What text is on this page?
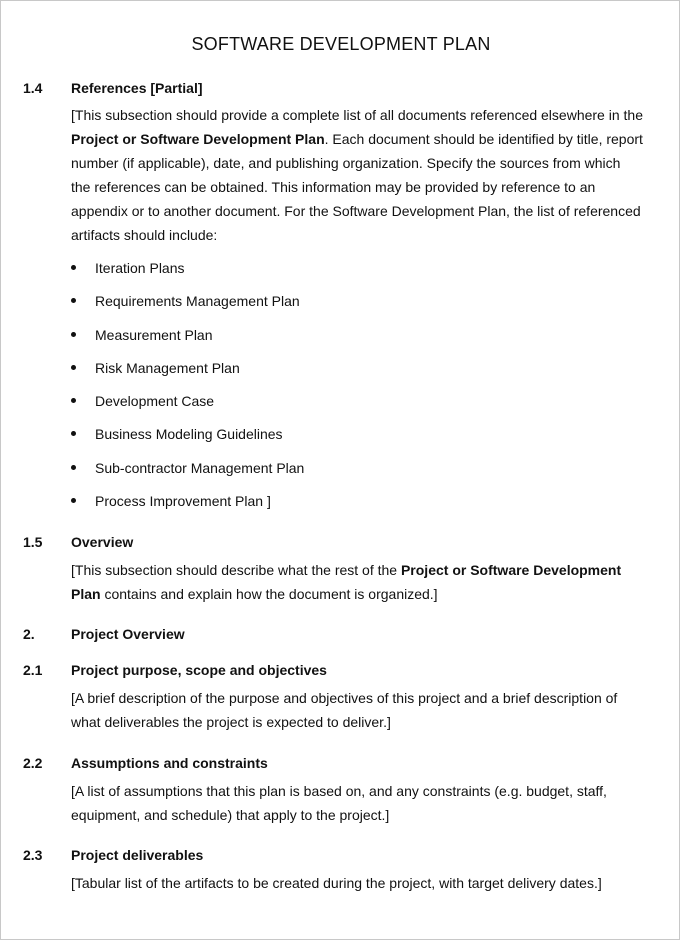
SOFTWARE DEVELOPMENT PLAN
1.4	References [Partial]
[This subsection should provide a complete list of all documents referenced elsewhere in the
Project or Software Development Plan. Each document should be identified by title, report
number (if applicable), date, and publishing organization. Specify the sources from which
the references can be obtained. This information may be provided by reference to an
appendix or to another document. For the Software Development Plan, the list of referenced
artifacts should include:
Iteration Plans
Requirements Management Plan
Measurement Plan
Risk Management Plan
Development Case
Business Modeling Guidelines
Sub-contractor Management Plan
Process Improvement Plan ]
1.5	Overview
[This subsection should describe what the rest of the Project or Software Development
Plan contains and explain how the document is organized.]
2.	Project Overview
2.1	Project purpose, scope and objectives
[A brief description of the purpose and objectives of this project and a brief description of
what deliverables the project is expected to deliver.]
2.2	Assumptions and constraints
[A list of assumptions that this plan is based on, and any constraints (e.g. budget, staff,
equipment, and schedule) that apply to the project.]
2.3	Project deliverables
[Tabular list of the artifacts to be created during the project, with target delivery dates.]
